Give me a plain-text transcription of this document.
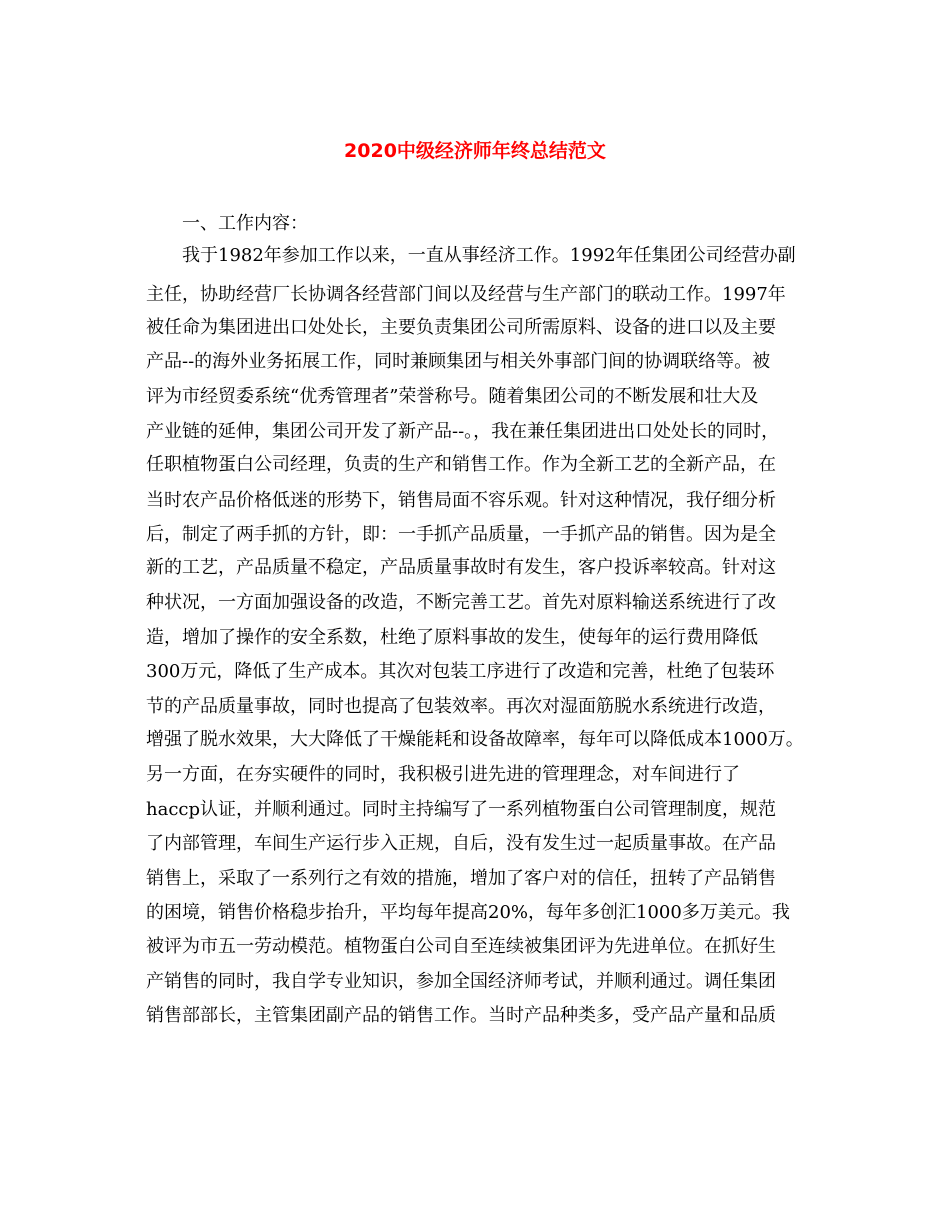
2020中级经济师年终总结范文

一、工作内容：

我于1982年参加工作以来，一直从事经济工作。1992年任集团公司经营办副

主任，协助经营厂长协调各经营部门间以及经营与生产部门的联动工作。1997年

被任命为集团进出口处处长，主要负责集团公司所需原料、设备的进口以及主要

产品--的海外业务拓展工作，同时兼顾集团与相关外事部门间的协调联络等。被

评为市经贸委系统“优秀管理者”荣誉称号。随着集团公司的不断发展和壮大及

产业链的延伸，集团公司开发了新产品--。，我在兼任集团进出口处处长的同时，

任职植物蛋白公司经理，负责的生产和销售工作。作为全新工艺的全新产品，在

当时农产品价格低迷的形势下，销售局面不容乐观。针对这种情况，我仔细分析

后，制定了两手抓的方针，即：一手抓产品质量，一手抓产品的销售。因为是全

新的工艺，产品质量不稳定，产品质量事故时有发生，客户投诉率较高。针对这

种状况，一方面加强设备的改造，不断完善工艺。首先对原料输送系统进行了改

造，增加了操作的安全系数，杜绝了原料事故的发生，使每年的运行费用降低

300万元，降低了生产成本。其次对包装工序进行了改造和完善，杜绝了包装环

节的产品质量事故，同时也提高了包装效率。再次对湿面筋脱水系统进行改造，

增强了脱水效果，大大降低了干燥能耗和设备故障率，每年可以降低成本1000万。

另一方面，在夯实硬件的同时，我积极引进先进的管理理念，对车间进行了

haccp认证，并顺利通过。同时主持编写了一系列植物蛋白公司管理制度，规范

了内部管理，车间生产运行步入正规，自后，没有发生过一起质量事故。在产品

销售上，采取了一系列行之有效的措施，增加了客户对的信任，扭转了产品销售

的困境，销售价格稳步抬升，平均每年提高20%，每年多创汇1000多万美元。我

被评为市五一劳动模范。植物蛋白公司自至连续被集团评为先进单位。在抓好生

产销售的同时，我自学专业知识，参加全国经济师考试，并顺利通过。调任集团

销售部部长，主管集团副产品的销售工作。当时产品种类多，受产品产量和品质
